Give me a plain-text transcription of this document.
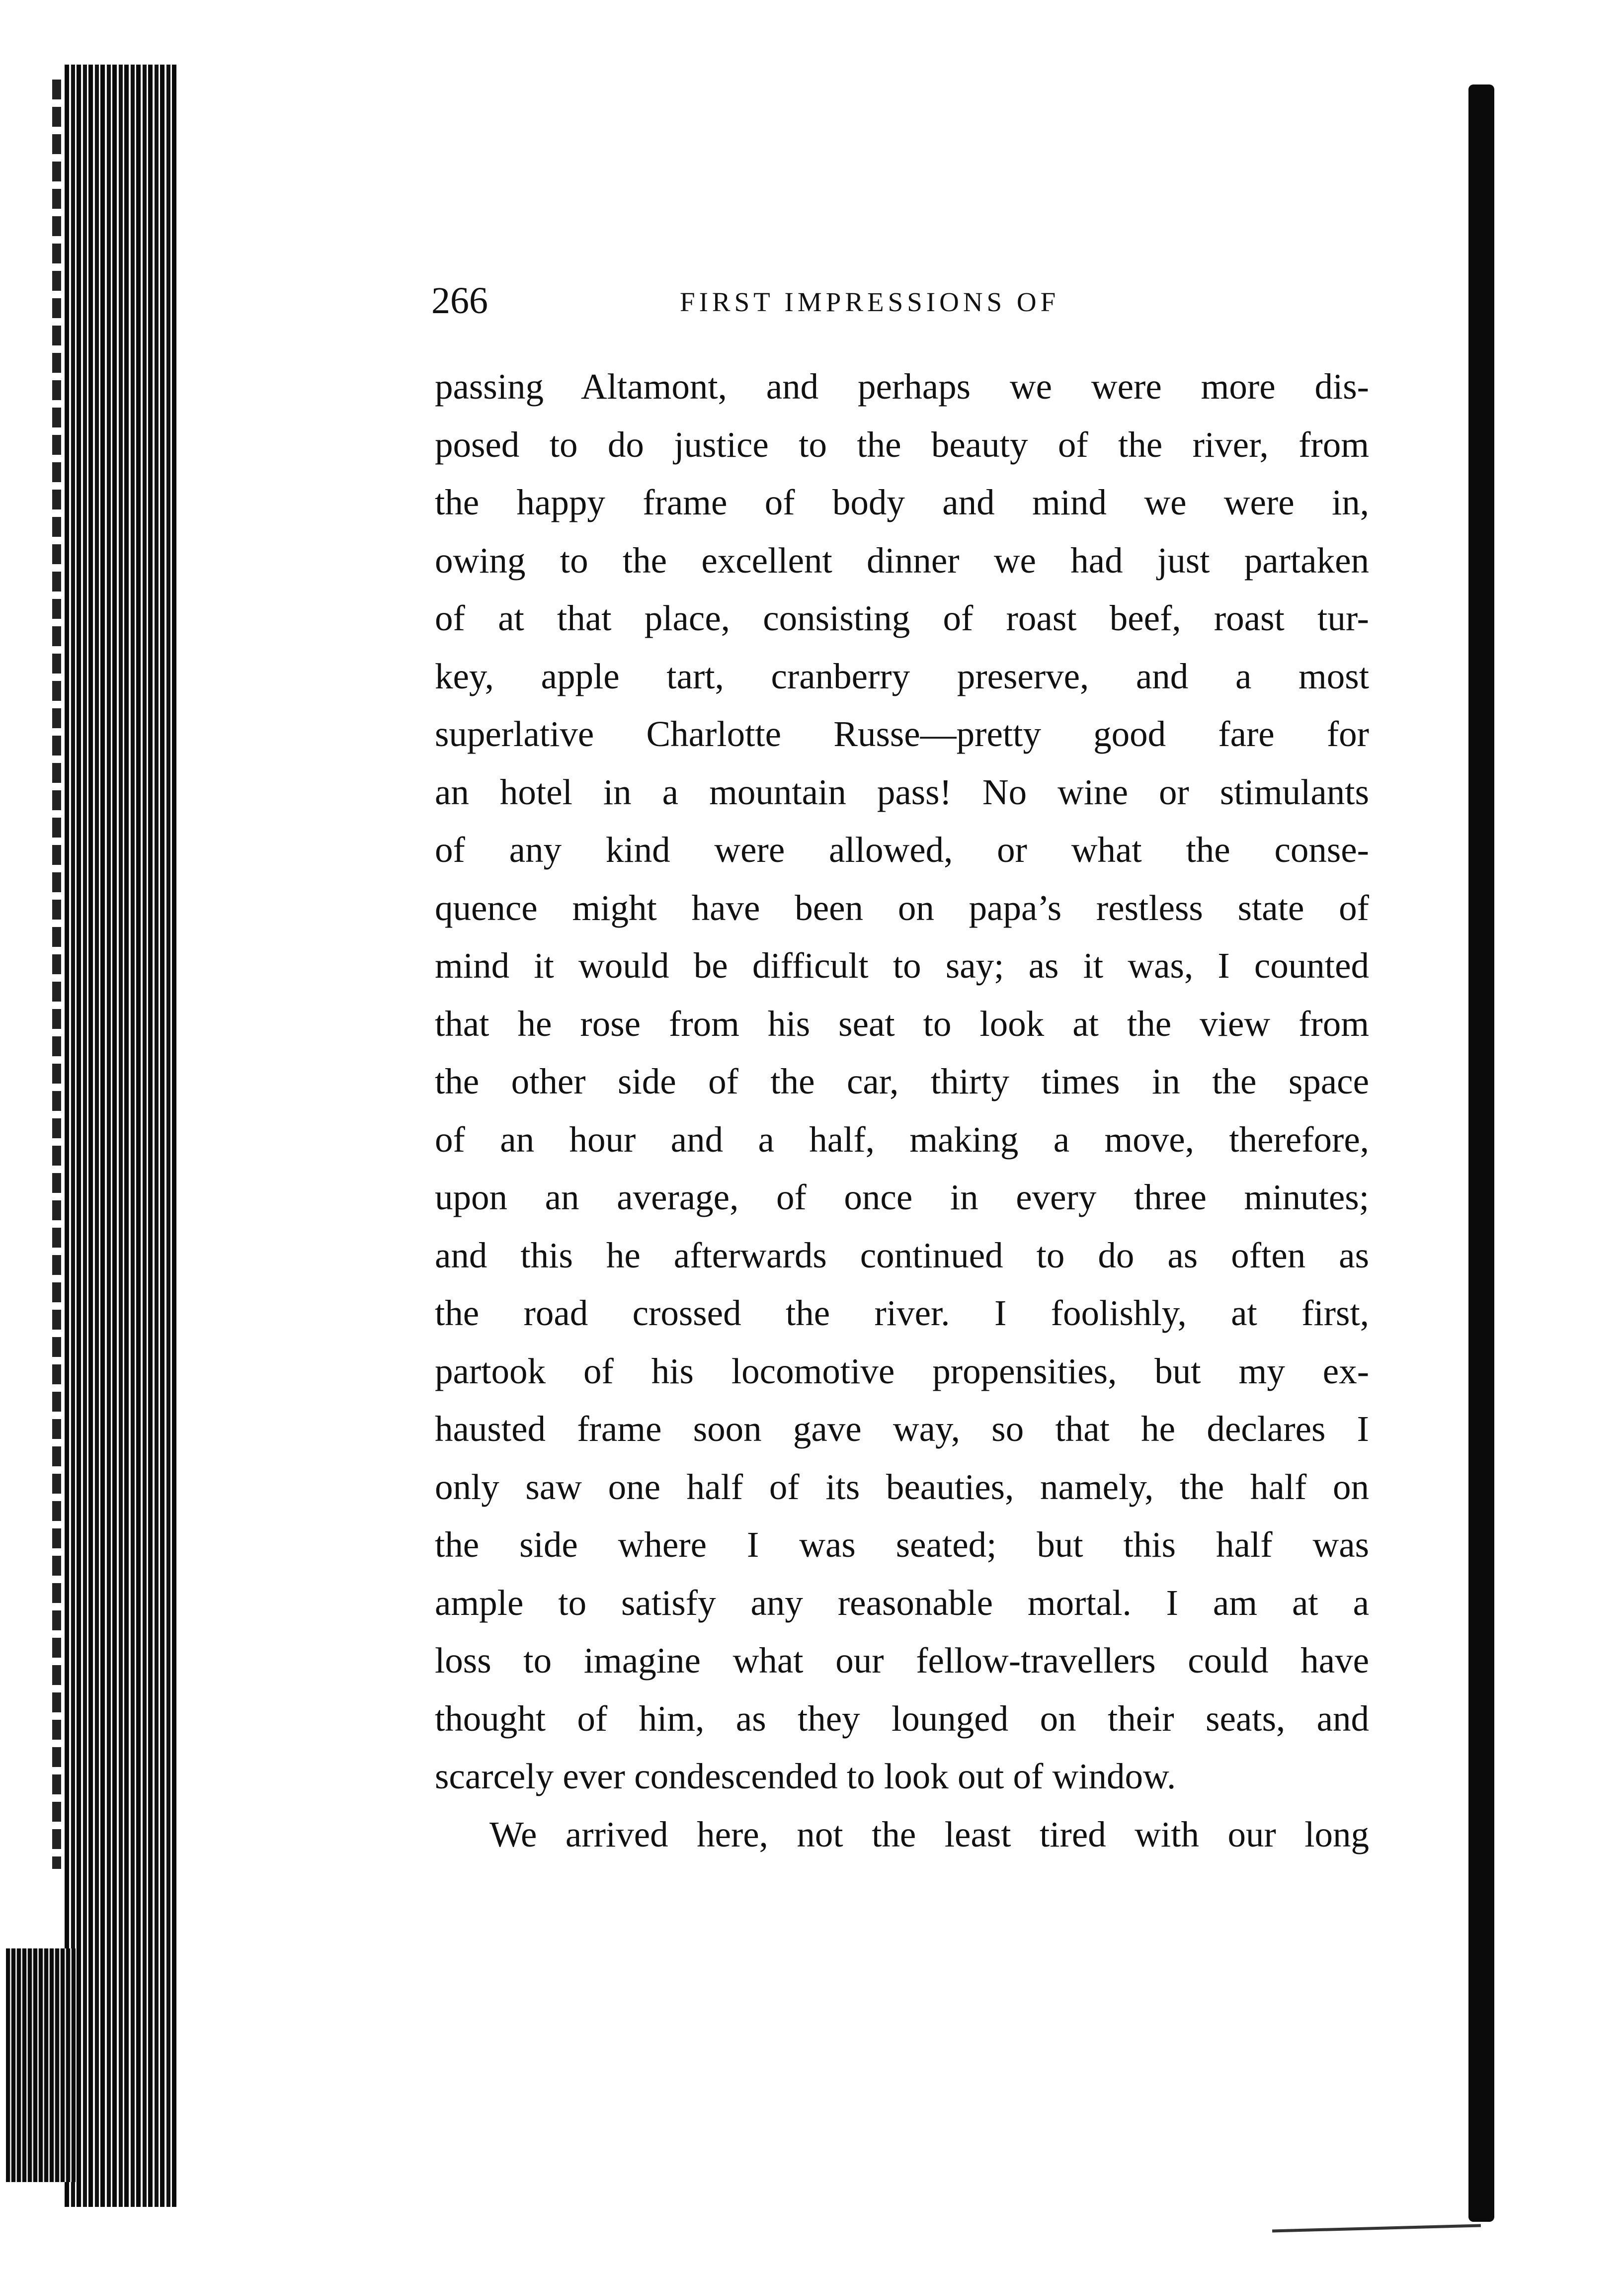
266	FIRST IMPRESSIONS OF
passing Altamont, and perhaps we were more dis-
posed to do justice to the beauty of the river, from
the happy frame of body and mind we were in,
owing to the excellent dinner we had just partaken
of at that place, consisting of roast beef, roast tur-
key, apple tart, cranberry preserve, and a most
superlative Charlotte Russe—pretty good fare for
an hotel in a mountain pass! No wine or stimulants
of any kind were allowed, or what the conse-
quence might have been on papa’s restless state of
mind it would be difficult to say; as it was, I counted
that he rose from his seat to look at the view from
the other side of the car, thirty times in the space
of an hour and a half, making a move, therefore,
upon an average, of once in every three minutes;
and this he afterwards continued to do as often as
the road crossed the river. I foolishly, at first,
partook of his locomotive propensities, but my ex-
hausted frame soon gave way, so that he declares I
only saw one half of its beauties, namely, the half on
the side where I was seated; but this half was
ample to satisfy any reasonable mortal. I am at a
loss to imagine what our fellow-travellers could have
thought of him, as they lounged on their seats, and
scarcely ever condescended to look out of window.
We arrived here, not the least tired with our long
